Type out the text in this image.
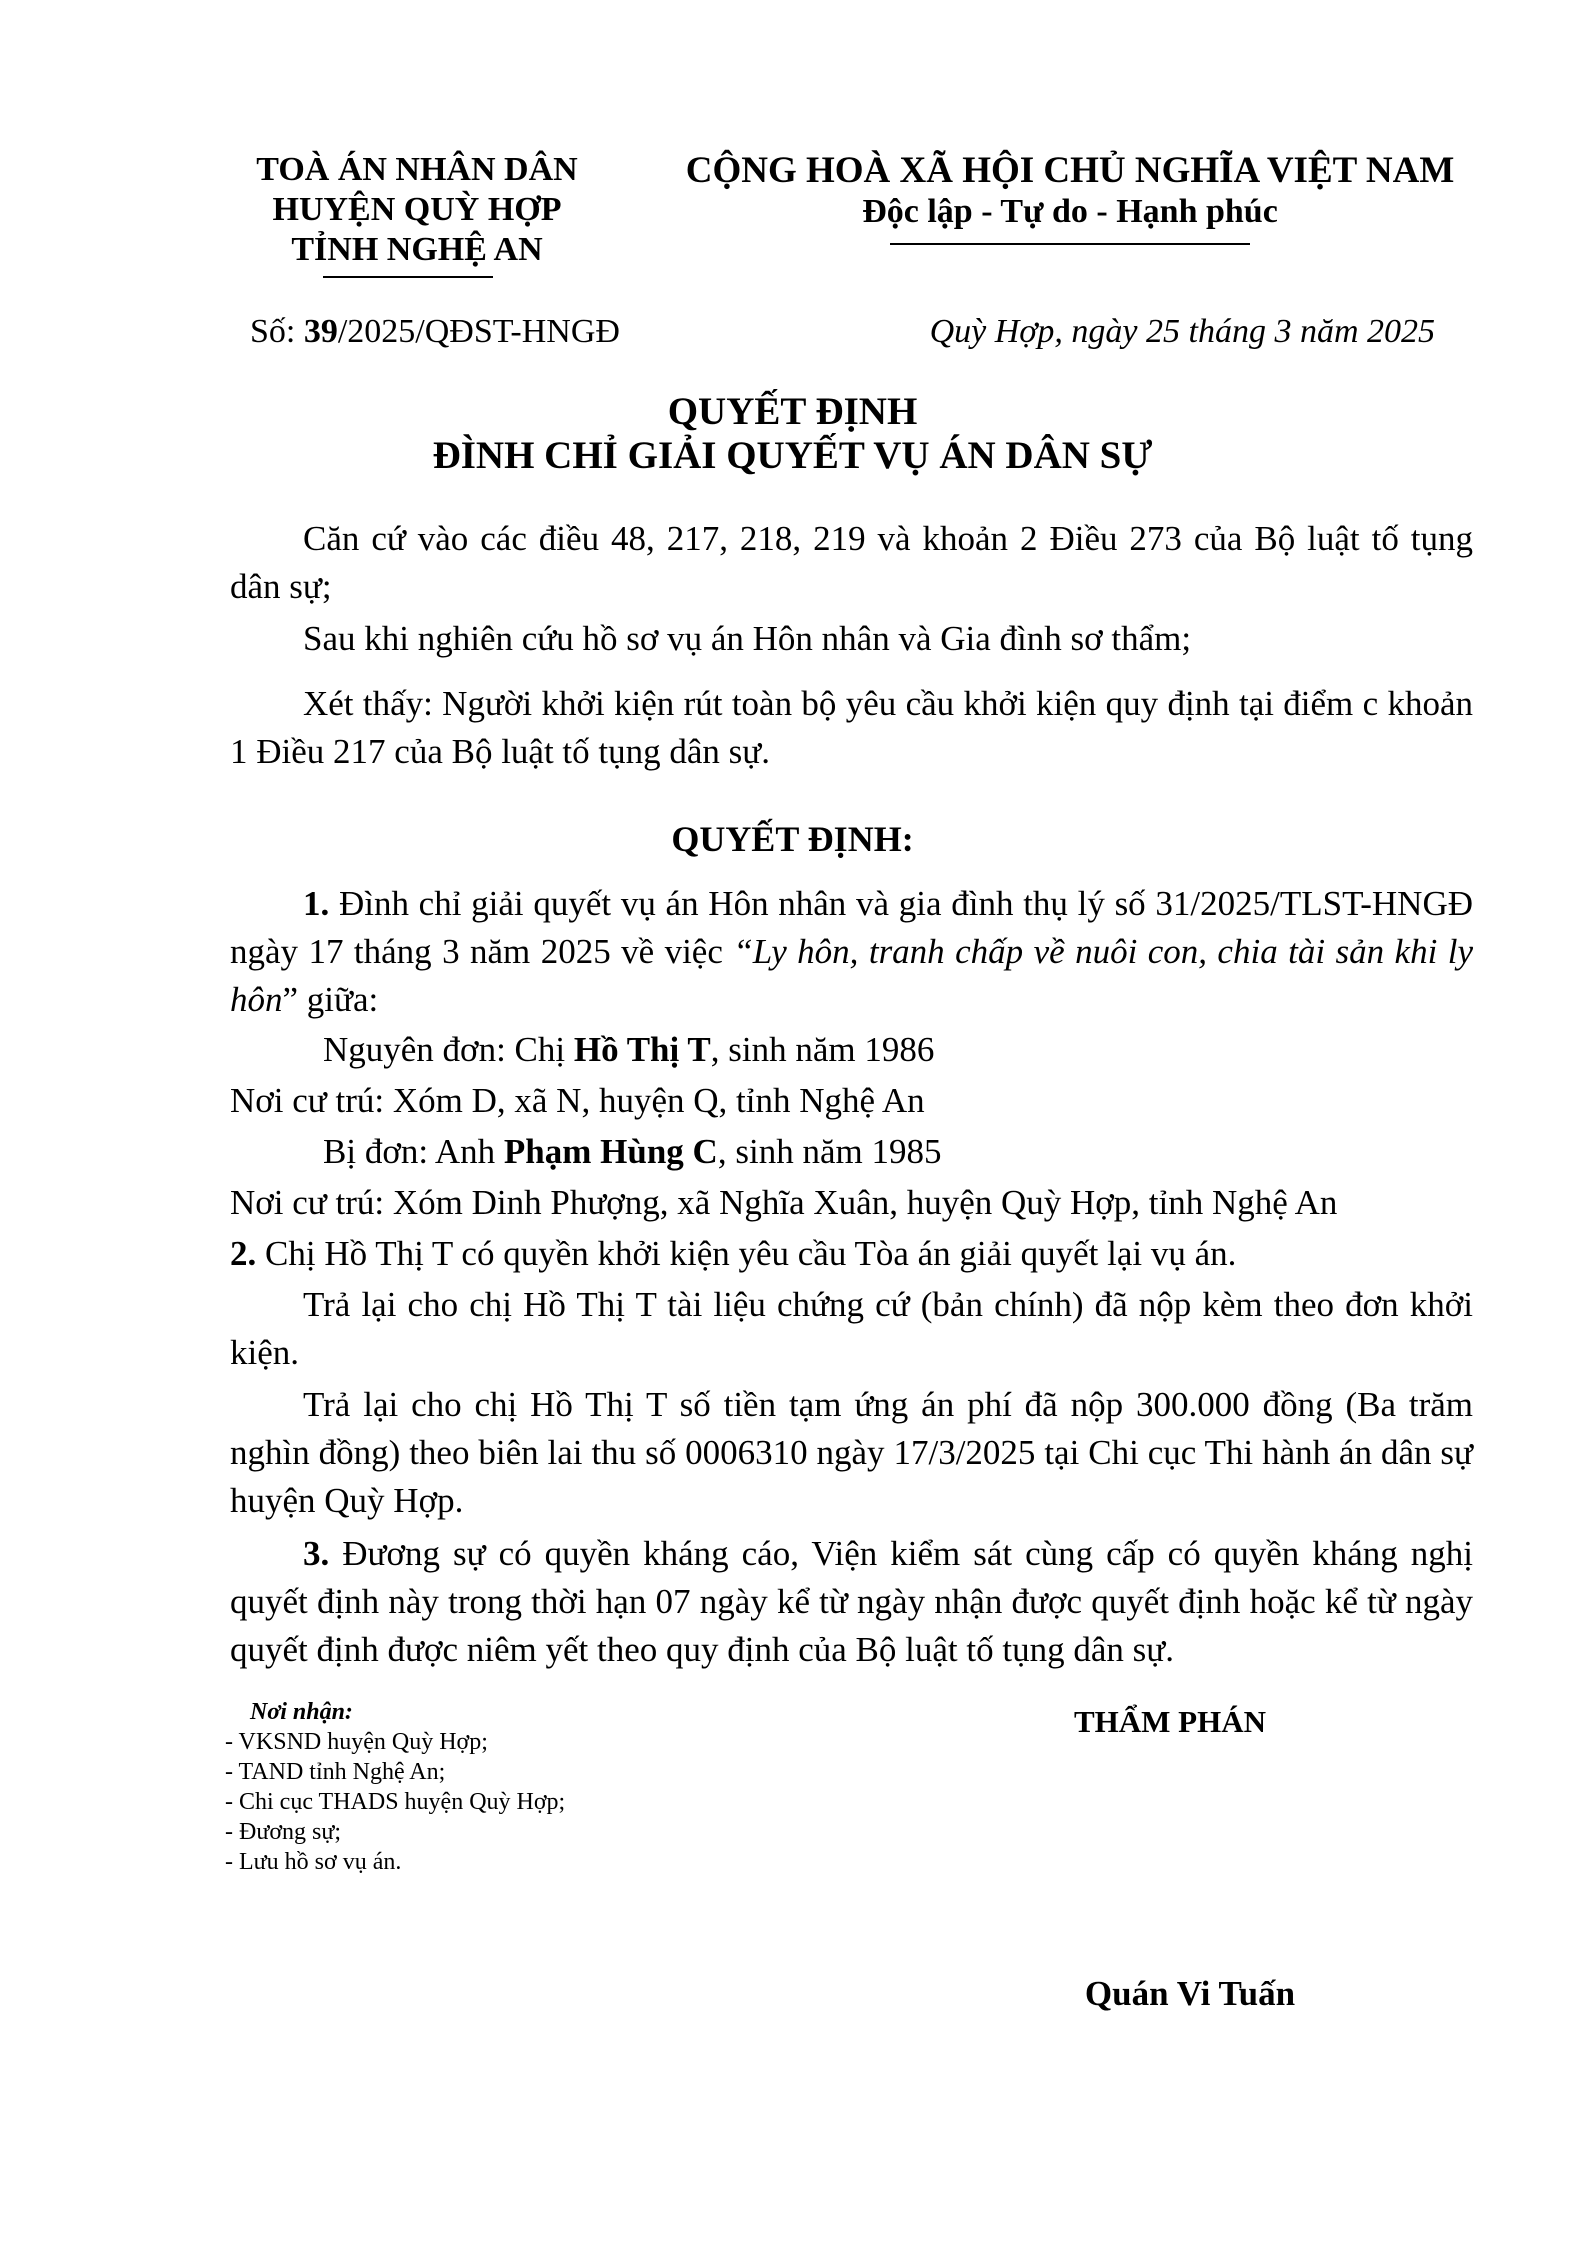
TOÀ ÁN NHÂN DÂN
HUYỆN QUỲ HỢP
TỈNH NGHỆ AN
CỘNG HOÀ XÃ HỘI CHỦ NGHĨA VIỆT NAM
Độc lập - Tự do - Hạnh phúc
Số: 39/2025/QĐST-HNGĐ	Quỳ Hợp, ngày 25 tháng 3 năm 2025
QUYẾT ĐỊNH
ĐÌNH CHỈ GIẢI QUYẾT VỤ ÁN DÂN SỰ
Căn cứ vào các điều 48, 217, 218, 219 và khoản 2 Điều 273 của Bộ luật tố tụng dân sự;
Sau khi nghiên cứu hồ sơ vụ án Hôn nhân và Gia đình sơ thẩm;
Xét thấy: Người khởi kiện rút toàn bộ yêu cầu khởi kiện quy định tại điểm c khoản 1 Điều 217 của Bộ luật tố tụng dân sự.
QUYẾT ĐỊNH:
1. Đình chỉ giải quyết vụ án Hôn nhân và gia đình thụ lý số 31/2025/TLST-HNGĐ ngày 17 tháng 3 năm 2025 về việc “Ly hôn, tranh chấp về nuôi con, chia tài sản khi ly hôn” giữa:
Nguyên đơn: Chị Hồ Thị T, sinh năm 1986
Nơi cư trú: Xóm D, xã N, huyện Q, tỉnh Nghệ An
Bị đơn: Anh Phạm Hùng C, sinh năm 1985
Nơi cư trú: Xóm Dinh Phượng, xã Nghĩa Xuân, huyện Quỳ Hợp, tỉnh Nghệ An
2. Chị Hồ Thị T có quyền khởi kiện yêu cầu Tòa án giải quyết lại vụ án.
Trả lại cho chị Hồ Thị T tài liệu chứng cứ (bản chính) đã nộp kèm theo đơn khởi kiện.
Trả lại cho chị Hồ Thị T số tiền tạm ứng án phí đã nộp 300.000 đồng (Ba trăm nghìn đồng) theo biên lai thu số 0006310 ngày 17/3/2025 tại Chi cục Thi hành án dân sự huyện Quỳ Hợp.
3. Đương sự có quyền kháng cáo, Viện kiểm sát cùng cấp có quyền kháng nghị quyết định này trong thời hạn 07 ngày kể từ ngày nhận được quyết định hoặc kể từ ngày quyết định được niêm yết theo quy định của Bộ luật tố tụng dân sự.
Nơi nhận:
- VKSND huyện Quỳ Hợp;
- TAND tỉnh Nghệ An;
- Chi cục THADS huyện Quỳ Hợp;
- Đương sự;
- Lưu hồ sơ vụ án.
THẨM PHÁN
Quán Vi Tuấn
